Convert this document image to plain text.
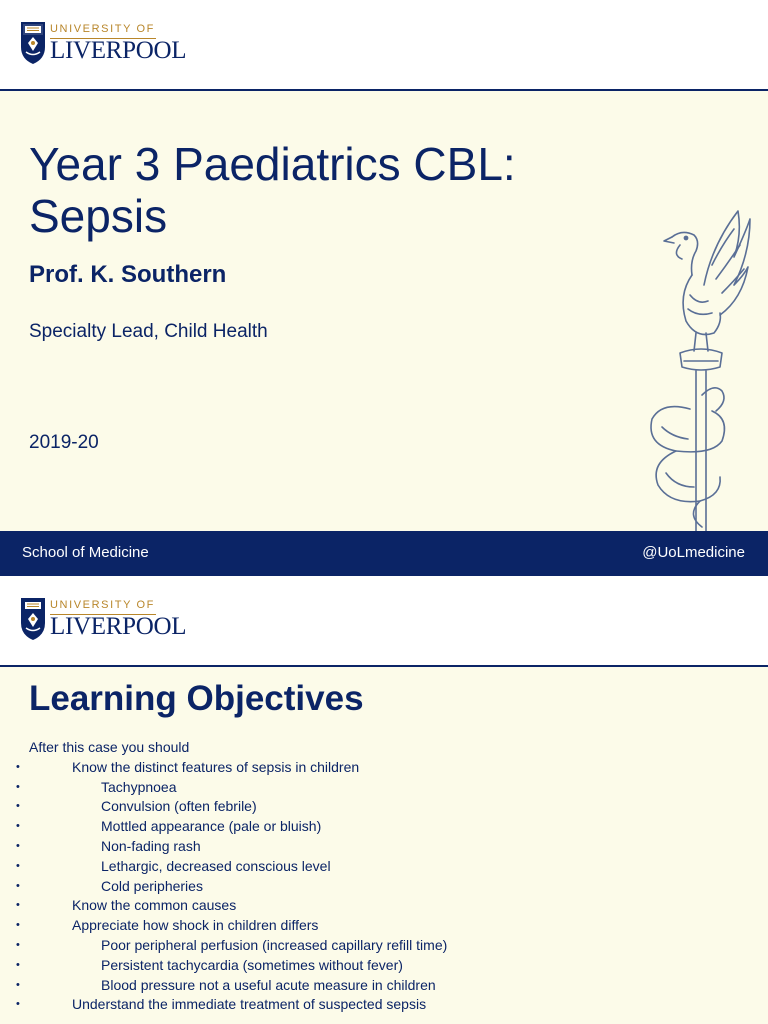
UNIVERSITY OF
LIVERPOOL
Year 3 Paediatrics CBL:
Sepsis
Prof. K. Southern
Specialty Lead, Child Health
2019-20
School of Medicine	@UoLmedicine
UNIVERSITY OF
LIVERPOOL
Learning Objectives
After this case you should
• Know the distinct features of sepsis in children
• Tachypnoea
• Convulsion (often febrile)
• Mottled appearance (pale or bluish)
• Non-fading rash
• Lethargic, decreased conscious level
• Cold peripheries
• Know the common causes
• Appreciate how shock in children differs
• Poor peripheral perfusion (increased capillary refill time)
• Persistent tachycardia (sometimes without fever)
• Blood pressure not a useful acute measure in children
• Understand the immediate treatment of suspected sepsis
